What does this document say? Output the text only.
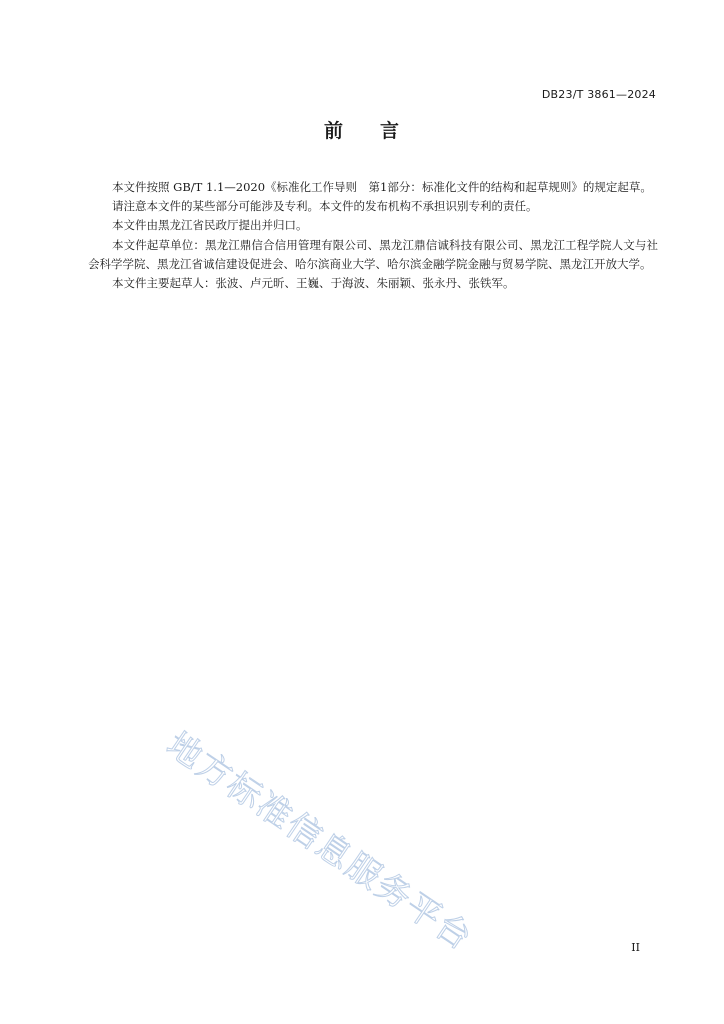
DB23/T 3861—2024
前 言

本文件按照 GB/T 1.1—2020《标准化工作导则　第1部分：标准化文件的结构和起草规则》的规定起草。

请注意本文件的某些部分可能涉及专利。本文件的发布机构不承担识别专利的责任。

本文件由黑龙江省民政厅提出并归口。

本文件起草单位：黑龙江鼎信合信用管理有限公司、黑龙江鼎信诚科技有限公司、黑龙江工程学院人文与社会科学学院、黑龙江省诚信建设促进会、哈尔滨商业大学、哈尔滨金融学院金融与贸易学院、黑龙江开放大学。

本文件主要起草人：张波、卢元昕、王巍、于海波、朱丽颖、张永丹、张铁军。

地方标准信息服务平台	II
